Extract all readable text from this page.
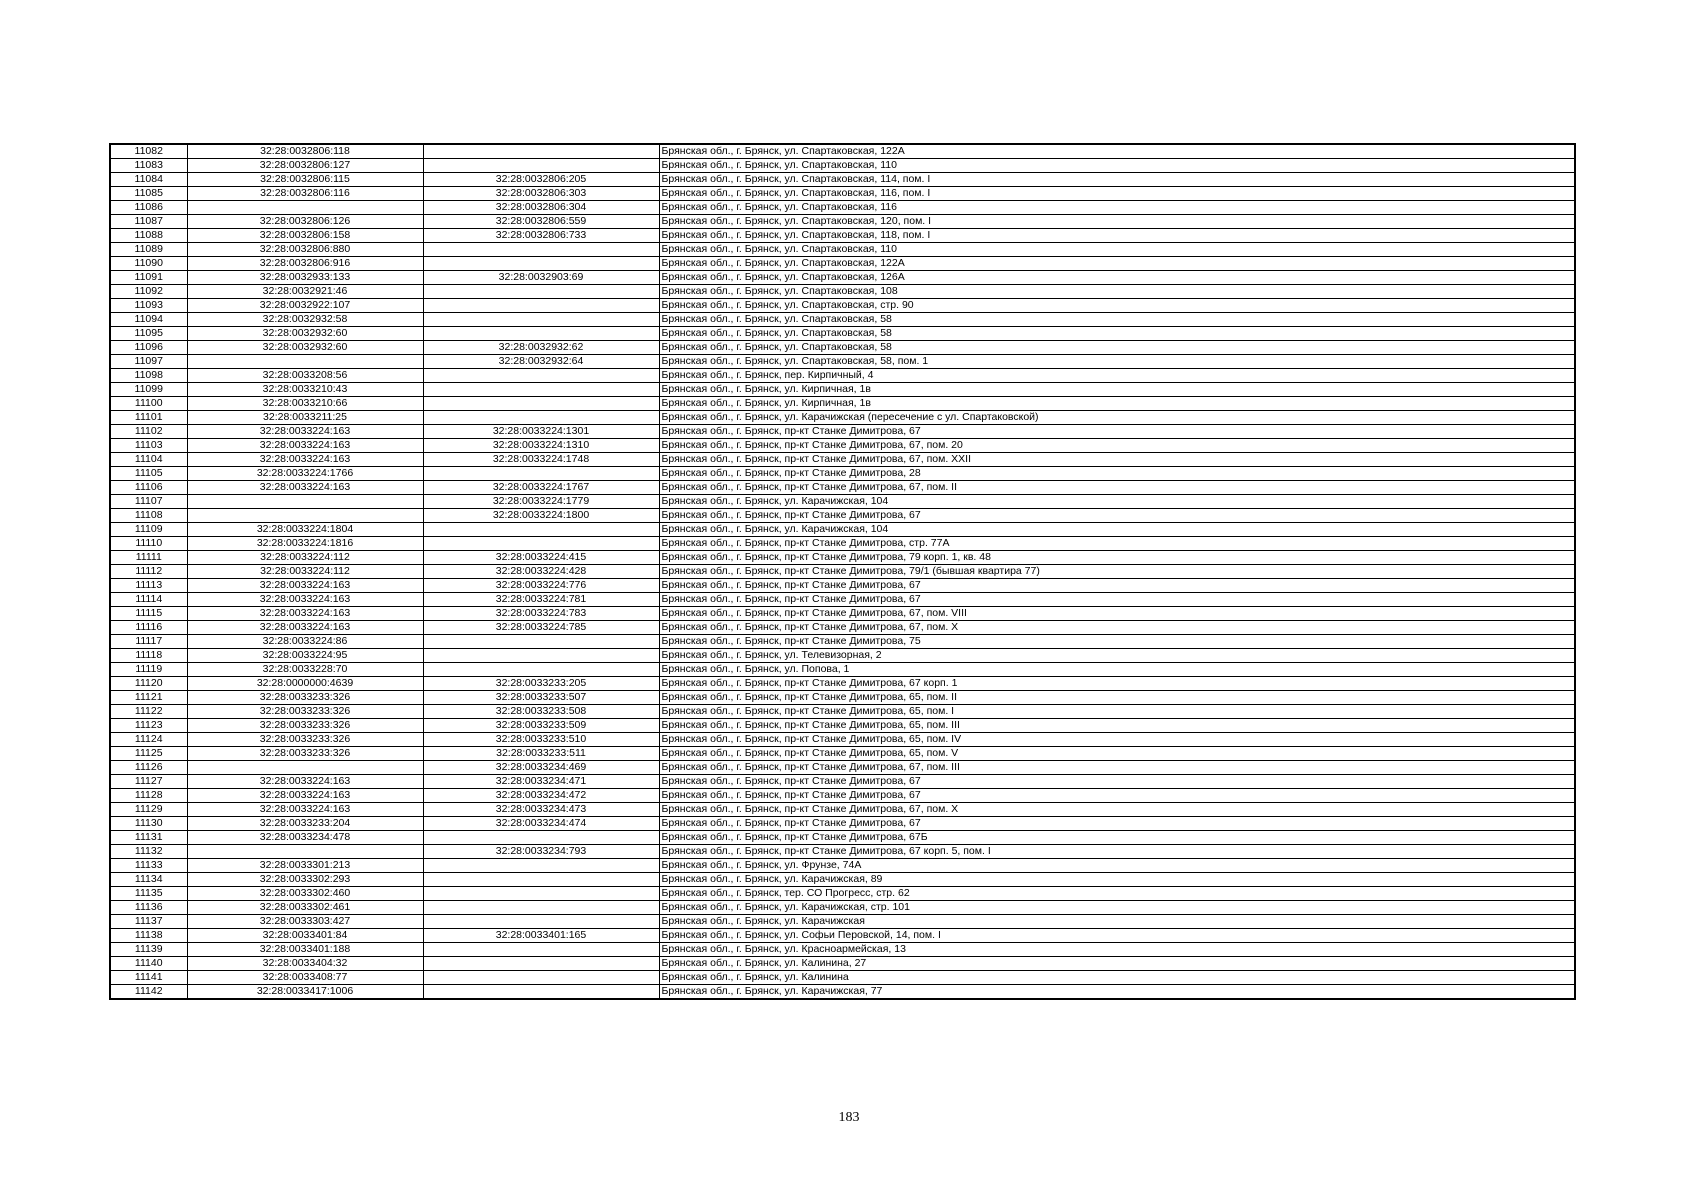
11082	32:28:0032806:118		Брянская обл., г. Брянск, ул. Спартаковская, 122А
11083	32:28:0032806:127		Брянская обл., г. Брянск, ул. Спартаковская, 110
11084	32:28:0032806:115	32:28:0032806:205	Брянская обл., г. Брянск, ул. Спартаковская, 114, пом. I
11085	32:28:0032806:116	32:28:0032806:303	Брянская обл., г. Брянск, ул. Спартаковская, 116, пом. I
11086		32:28:0032806:304	Брянская обл., г. Брянск, ул. Спартаковская, 116
11087	32:28:0032806:126	32:28:0032806:559	Брянская обл., г. Брянск, ул. Спартаковская, 120, пом. I
11088	32:28:0032806:158	32:28:0032806:733	Брянская обл., г. Брянск, ул. Спартаковская, 118, пом. I
11089	32:28:0032806:880		Брянская обл., г. Брянск, ул. Спартаковская, 110
11090	32:28:0032806:916		Брянская обл., г. Брянск, ул. Спартаковская, 122А
11091	32:28:0032933:133	32:28:0032903:69	Брянская обл., г. Брянск, ул. Спартаковская, 126А
11092	32:28:0032921:46		Брянская обл., г. Брянск, ул. Спартаковская, 108
11093	32:28:0032922:107		Брянская обл., г. Брянск, ул. Спартаковская, стр. 90
11094	32:28:0032932:58		Брянская обл., г. Брянск, ул. Спартаковская, 58
11095	32:28:0032932:60		Брянская обл., г. Брянск, ул. Спартаковская, 58
11096	32:28:0032932:60	32:28:0032932:62	Брянская обл., г. Брянск, ул. Спартаковская, 58
11097		32:28:0032932:64	Брянская обл., г. Брянск, ул. Спартаковская, 58, пом. 1
11098	32:28:0033208:56		Брянская обл., г. Брянск, пер. Кирпичный, 4
11099	32:28:0033210:43		Брянская обл., г. Брянск, ул. Кирпичная, 1в
11100	32:28:0033210:66		Брянская обл., г. Брянск, ул. Кирпичная, 1в
11101	32:28:0033211:25		Брянская обл., г. Брянск, ул. Карачижская (пересечение с ул. Спартаковской)
11102	32:28:0033224:163	32:28:0033224:1301	Брянская обл., г. Брянск, пр-кт Станке Димитрова, 67
11103	32:28:0033224:163	32:28:0033224:1310	Брянская обл., г. Брянск, пр-кт Станке Димитрова, 67, пом. 20
11104	32:28:0033224:163	32:28:0033224:1748	Брянская обл., г. Брянск, пр-кт Станке Димитрова, 67, пом. XXII
11105	32:28:0033224:1766		Брянская обл., г. Брянск, пр-кт Станке Димитрова, 28
11106	32:28:0033224:163	32:28:0033224:1767	Брянская обл., г. Брянск, пр-кт Станке Димитрова, 67, пом. II
11107		32:28:0033224:1779	Брянская обл., г. Брянск, ул. Карачижская, 104
11108		32:28:0033224:1800	Брянская обл., г. Брянск, пр-кт Станке Димитрова, 67
11109	32:28:0033224:1804		Брянская обл., г. Брянск, ул. Карачижская, 104
11110	32:28:0033224:1816		Брянская обл., г. Брянск, пр-кт Станке Димитрова, стр. 77А
11111	32:28:0033224:112	32:28:0033224:415	Брянская обл., г. Брянск, пр-кт Станке Димитрова, 79 корп. 1, кв. 48
11112	32:28:0033224:112	32:28:0033224:428	Брянская обл., г. Брянск, пр-кт Станке Димитрова, 79/1 (бывшая квартира 77)
11113	32:28:0033224:163	32:28:0033224:776	Брянская обл., г. Брянск, пр-кт Станке Димитрова, 67
11114	32:28:0033224:163	32:28:0033224:781	Брянская обл., г. Брянск, пр-кт Станке Димитрова, 67
11115	32:28:0033224:163	32:28:0033224:783	Брянская обл., г. Брянск, пр-кт Станке Димитрова, 67, пом. VIII
11116	32:28:0033224:163	32:28:0033224:785	Брянская обл., г. Брянск, пр-кт Станке Димитрова, 67, пом. X
11117	32:28:0033224:86		Брянская обл., г. Брянск, пр-кт Станке Димитрова, 75
11118	32:28:0033224:95		Брянская обл., г. Брянск, ул. Телевизорная, 2
11119	32:28:0033228:70		Брянская обл., г. Брянск, ул. Попова, 1
11120	32:28:0000000:4639	32:28:0033233:205	Брянская обл., г. Брянск, пр-кт Станке Димитрова, 67 корп. 1
11121	32:28:0033233:326	32:28:0033233:507	Брянская обл., г. Брянск, пр-кт Станке Димитрова, 65, пом. II
11122	32:28:0033233:326	32:28:0033233:508	Брянская обл., г. Брянск, пр-кт Станке Димитрова, 65, пом. I
11123	32:28:0033233:326	32:28:0033233:509	Брянская обл., г. Брянск, пр-кт Станке Димитрова, 65, пом. III
11124	32:28:0033233:326	32:28:0033233:510	Брянская обл., г. Брянск, пр-кт Станке Димитрова, 65, пом. IV
11125	32:28:0033233:326	32:28:0033233:511	Брянская обл., г. Брянск, пр-кт Станке Димитрова, 65, пом. V
11126		32:28:0033234:469	Брянская обл., г. Брянск, пр-кт Станке Димитрова, 67, пом. III
11127	32:28:0033224:163	32:28:0033234:471	Брянская обл., г. Брянск, пр-кт Станке Димитрова, 67
11128	32:28:0033224:163	32:28:0033234:472	Брянская обл., г. Брянск, пр-кт Станке Димитрова, 67
11129	32:28:0033224:163	32:28:0033234:473	Брянская обл., г. Брянск, пр-кт Станке Димитрова, 67, пом. X
11130	32:28:0033233:204	32:28:0033234:474	Брянская обл., г. Брянск, пр-кт Станке Димитрова, 67
11131	32:28:0033234:478		Брянская обл., г. Брянск, пр-кт Станке Димитрова, 67Б
11132		32:28:0033234:793	Брянская обл., г. Брянск, пр-кт Станке Димитрова, 67 корп. 5, пом. I
11133	32:28:0033301:213		Брянская обл., г. Брянск, ул. Фрунзе, 74А
11134	32:28:0033302:293		Брянская обл., г. Брянск, ул. Карачижская, 89
11135	32:28:0033302:460		Брянская обл., г. Брянск, тер. СО Прогресс, стр. 62
11136	32:28:0033302:461		Брянская обл., г. Брянск, ул. Карачижская, стр. 101
11137	32:28:0033303:427		Брянская обл., г. Брянск, ул. Карачижская
11138	32:28:0033401:84	32:28:0033401:165	Брянская обл., г. Брянск, ул. Софьи Перовской, 14, пом. I
11139	32:28:0033401:188		Брянская обл., г. Брянск, ул. Красноармейская, 13
11140	32:28:0033404:32		Брянская обл., г. Брянск, ул. Калинина, 27
11141	32:28:0033408:77		Брянская обл., г. Брянск, ул. Калинина
11142	32:28:0033417:1006		Брянская обл., г. Брянск, ул. Карачижская, 77
183
